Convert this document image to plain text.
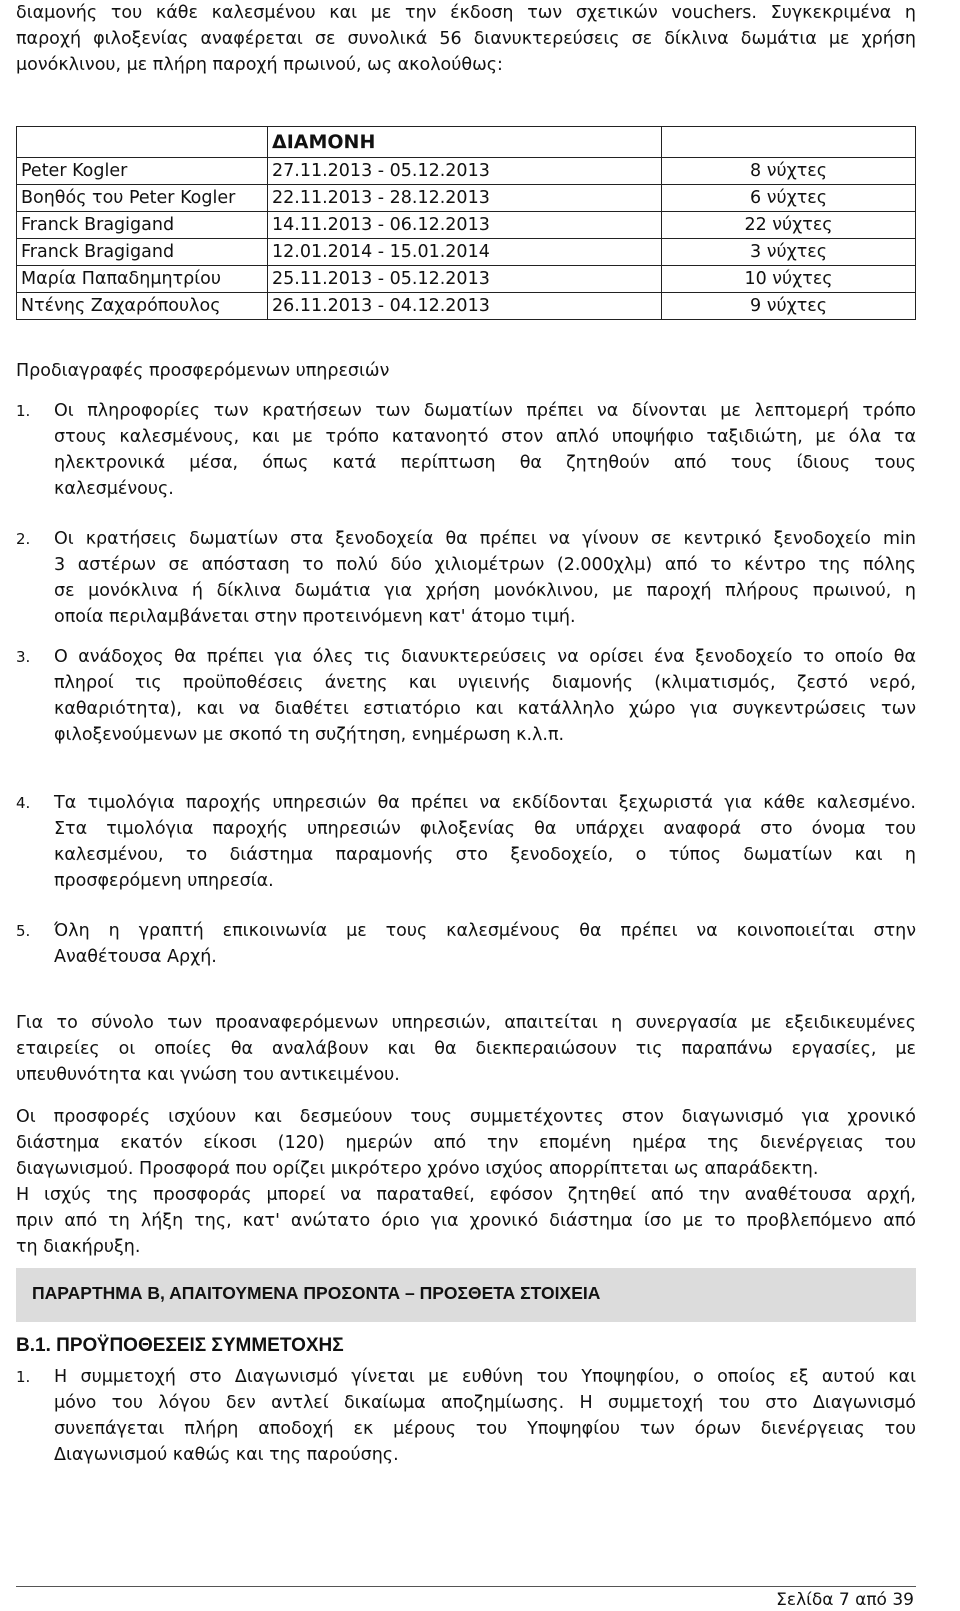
διαμονής του κάθε καλεσμένου και με την έκδοση των σχετικών vouchers. Συγκεκριμένα η
παροχή φιλοξενίας αναφέρεται σε συνολικά 56 διανυκτερεύσεις σε δίκλινα δωμάτια με χρήση
μονόκλινου, με πλήρη παροχή πρωινού, ως ακολούθως:
	ΔΙΑΜΟΝΗ	
Peter Kogler	27.11.2013 - 05.12.2013	8 νύχτες
Βοηθός του Peter Kogler	22.11.2013 - 28.12.2013	6 νύχτες
Franck Bragigand	14.11.2013 - 06.12.2013	22 νύχτες
Franck Bragigand	12.01.2014 - 15.01.2014	3 νύχτες
Μαρία Παπαδημητρίου	25.11.2013 - 05.12.2013	10 νύχτες
Ντένης Ζαχαρόπουλος	26.11.2013 - 04.12.2013	9 νύχτες
Προδιαγραφές προσφερόμενων υπηρεσιών
1.	Οι πληροφορίες των κρατήσεων των δωματίων πρέπει να δίνονται με λεπτομερή τρόπο
στους καλεσμένους, και με τρόπο κατανοητό στον απλό υποψήφιο ταξιδιώτη, με όλα τα
ηλεκτρονικά μέσα, όπως κατά περίπτωση θα ζητηθούν από τους ίδιους τους
καλεσμένους.
2.	Οι κρατήσεις δωματίων στα ξενοδοχεία θα πρέπει να γίνουν σε κεντρικό ξενοδοχείο min
3 αστέρων σε απόσταση το πολύ δύο χιλιομέτρων (2.000χλμ) από το κέντρο της πόλης
σε μονόκλινα ή δίκλινα δωμάτια για χρήση μονόκλινου, με παροχή πλήρους πρωινού, η
οποία περιλαμβάνεται στην προτεινόμενη κατ' άτομο τιμή.
3.	Ο ανάδοχος θα πρέπει για όλες τις διανυκτερεύσεις να ορίσει ένα ξενοδοχείο το οποίο θα
πληροί τις προϋποθέσεις άνετης και υγιεινής διαμονής (κλιματισμός, ζεστό νερό,
καθαριότητα), και να διαθέτει εστιατόριο και κατάλληλο χώρο για συγκεντρώσεις των
φιλοξενούμενων με σκοπό τη συζήτηση, ενημέρωση κ.λ.π.
4.	Τα τιμολόγια παροχής υπηρεσιών θα πρέπει να εκδίδονται ξεχωριστά για κάθε καλεσμένο.
Στα τιμολόγια παροχής υπηρεσιών φιλοξενίας θα υπάρχει αναφορά στο όνομα του
καλεσμένου, το διάστημα παραμονής στο ξενοδοχείο, ο τύπος δωματίων και η
προσφερόμενη υπηρεσία.
5.	Όλη η γραπτή επικοινωνία με τους καλεσμένους θα πρέπει να κοινοποιείται στην
Αναθέτουσα Αρχή.
Για το σύνολο των προαναφερόμενων υπηρεσιών, απαιτείται η συνεργασία με εξειδικευμένες
εταιρείες οι οποίες θα αναλάβουν και θα διεκπεραιώσουν τις παραπάνω εργασίες, με
υπευθυνότητα και γνώση του αντικειμένου.
Οι προσφορές ισχύουν και δεσμεύουν τους συμμετέχοντες στον διαγωνισμό για χρονικό
διάστημα εκατόν είκοσι (120) ημερών από την επομένη ημέρα της διενέργειας του
διαγωνισμού. Προσφορά που ορίζει μικρότερο χρόνο ισχύος απορρίπτεται ως απαράδεκτη.
Η ισχύς της προσφοράς μπορεί να παραταθεί, εφόσον ζητηθεί από την αναθέτουσα αρχή,
πριν από τη λήξη της, κατ' ανώτατο όριο για χρονικό διάστημα ίσο με το προβλεπόμενο από
τη διακήρυξη.
ΠΑΡΑΡΤΗΜΑ Β, ΑΠΑΙΤΟΥΜΕΝΑ ΠΡΟΣΟΝΤΑ – ΠΡΟΣΘΕΤΑ ΣΤΟΙΧΕΙΑ
Β.1. ΠΡΟΫΠΟΘΕΣΕΙΣ ΣΥΜΜΕΤΟΧΗΣ
1.	Η συμμετοχή στο Διαγωνισμό γίνεται με ευθύνη του Υποψηφίου, ο οποίος εξ αυτού και
μόνο του λόγου δεν αντλεί δικαίωμα αποζημίωσης. Η συμμετοχή του στο Διαγωνισμό
συνεπάγεται πλήρη αποδοχή εκ μέρους του Υποψηφίου των όρων διενέργειας του
Διαγωνισμού καθώς και της παρούσης.
Σελίδα 7 από 39
